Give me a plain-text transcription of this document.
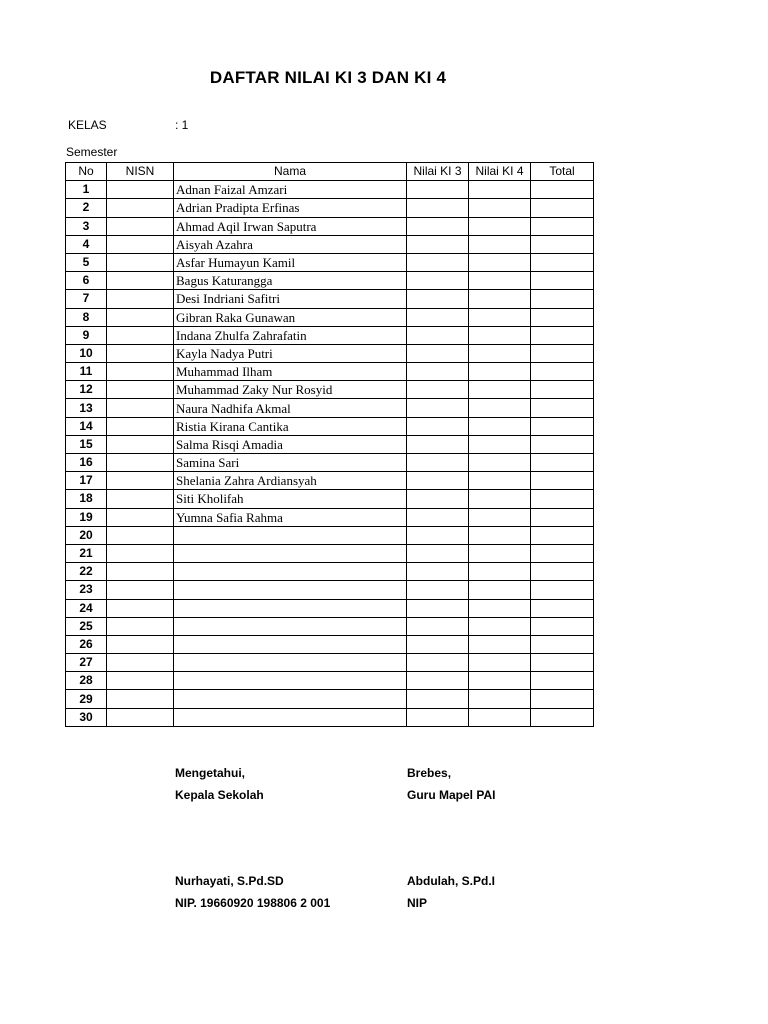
DAFTAR NILAI KI 3 DAN KI 4
KELAS	: 1
Semester
No	NISN	Nama	Nilai KI 3	Nilai KI 4	Total
1		Adnan Faizal Amzari			
2		Adrian Pradipta Erfinas			
3		Ahmad Aqil Irwan Saputra			
4		Aisyah Azahra			
5		Asfar Humayun Kamil			
6		Bagus Katurangga			
7		Desi Indriani Safitri			
8		Gibran Raka Gunawan			
9		Indana Zhulfa Zahrafatin			
10		Kayla Nadya Putri			
11		Muhammad Ilham			
12		Muhammad Zaky Nur Rosyid			
13		Naura Nadhifa Akmal			
14		Ristia Kirana Cantika			
15		Salma Risqi Amadia			
16		Samina Sari			
17		Shelania Zahra Ardiansyah			
18		Siti Kholifah			
19		Yumna Safia Rahma			
20					
21					
22					
23					
24					
25					
26					
27					
28					
29					
30					
Mengetahui,
Kepala Sekolah
Brebes,
Guru Mapel PAI
Nurhayati, S.Pd.SD
NIP. 19660920 198806 2 001
Abdulah, S.Pd.I
NIP
